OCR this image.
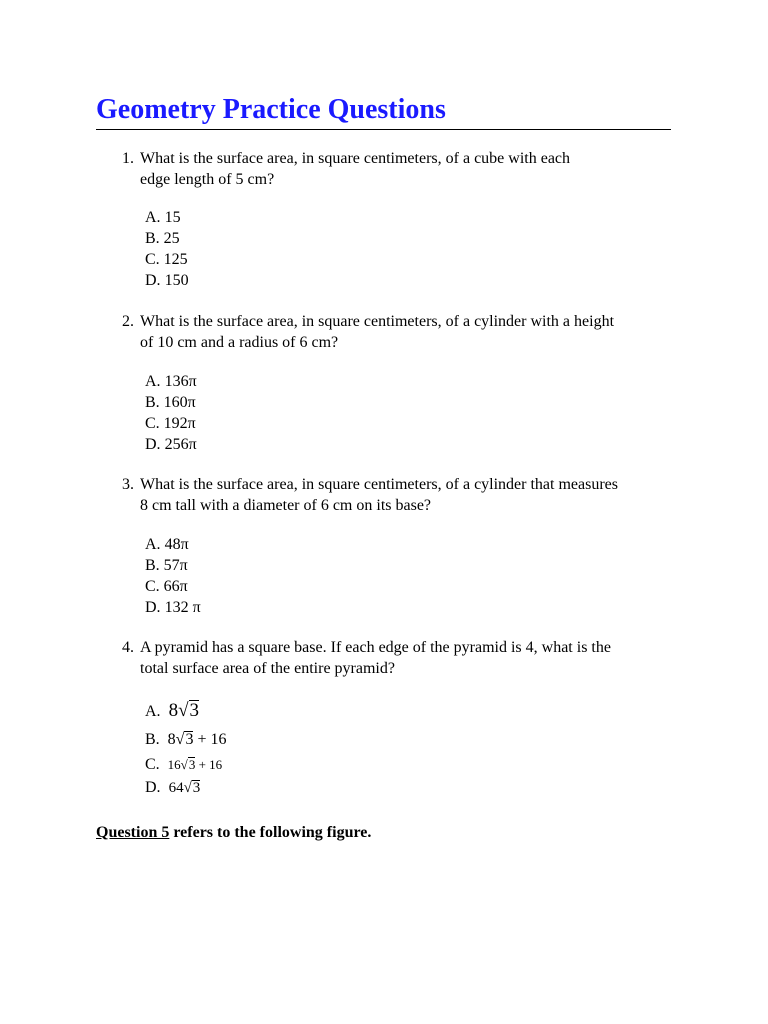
Geometry Practice Questions
1. What is the surface area, in square centimeters, of a cube with each
edge length of 5 cm?
A. 15
B. 25
C. 125
D. 150
2. What is the surface area, in square centimeters, of a cylinder with a height
of 10 cm and a radius of 6 cm?
A. 136π
B. 160π
C. 192π
D. 256π
3. What is the surface area, in square centimeters, of a cylinder that measures
8 cm tall with a diameter of 6 cm on its base?
A. 48π
B. 57π
C. 66π
D. 132 π
4. A pyramid has a square base. If each edge of the pyramid is 4, what is the
total surface area of the entire pyramid?
A. 8√3
B. 8√3 + 16
C. 16√3 + 16
D. 64√3
Question 5 refers to the following figure.
